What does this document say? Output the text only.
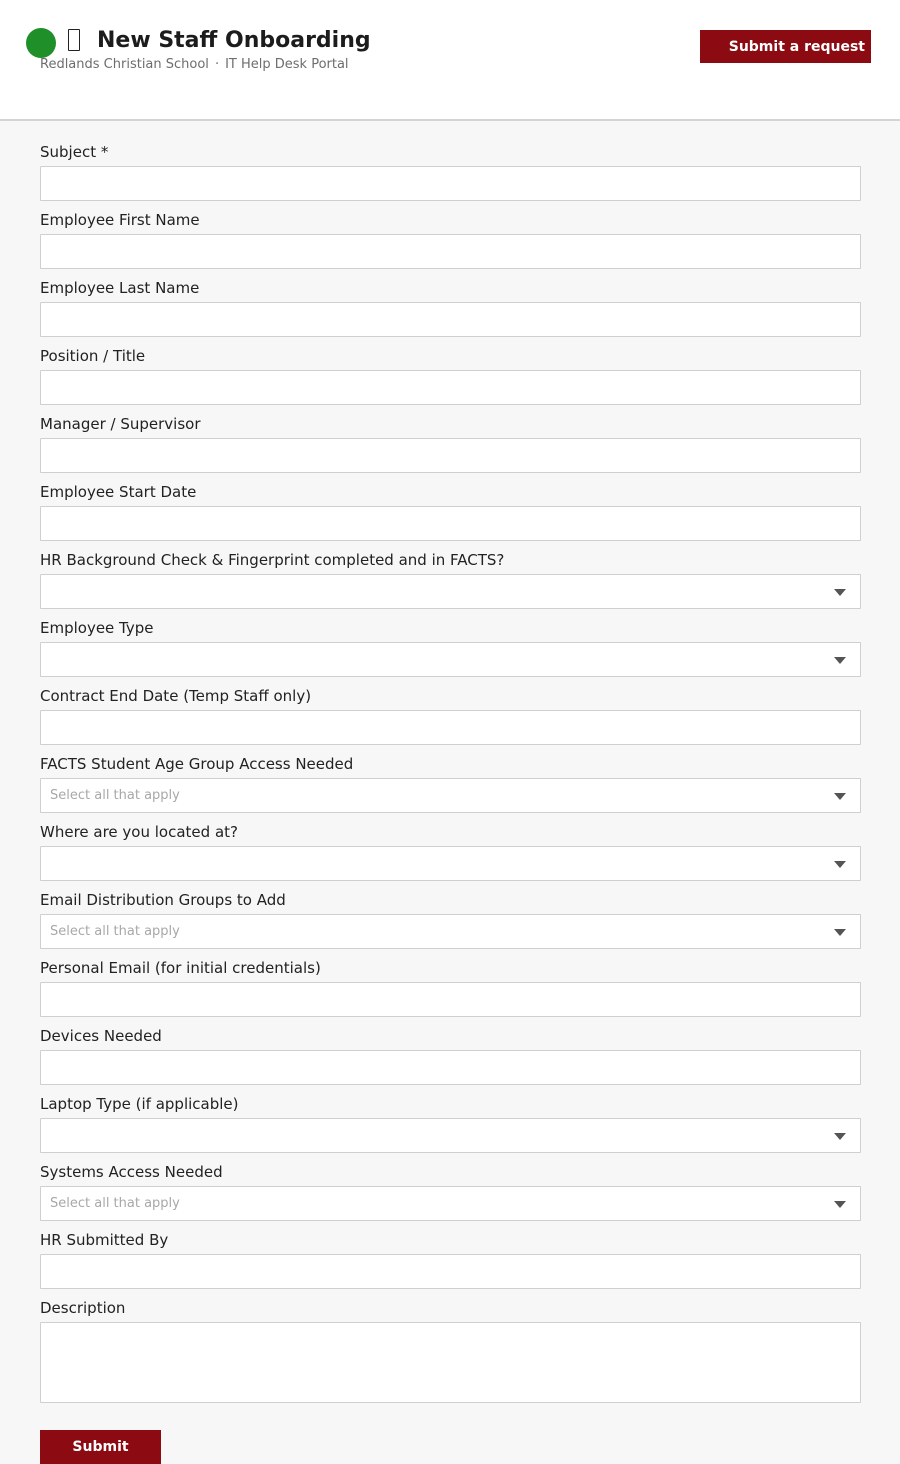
New Staff Onboarding
Redlands Christian School · IT Help Desk Portal
Submit a request
Subject *
Employee First Name
Employee Last Name
Position / Title
Manager / Supervisor
Employee Start Date
HR Background Check & Fingerprint completed and in FACTS?
Employee Type
Contract End Date (Temp Staff only)
FACTS Student Age Group Access Needed
Select all that apply
Where are you located at?
Email Distribution Groups to Add
Select all that apply
Personal Email (for initial credentials)
Devices Needed
Laptop Type (if applicable)
Systems Access Needed
Select all that apply
HR Submitted By
Description
Submit
